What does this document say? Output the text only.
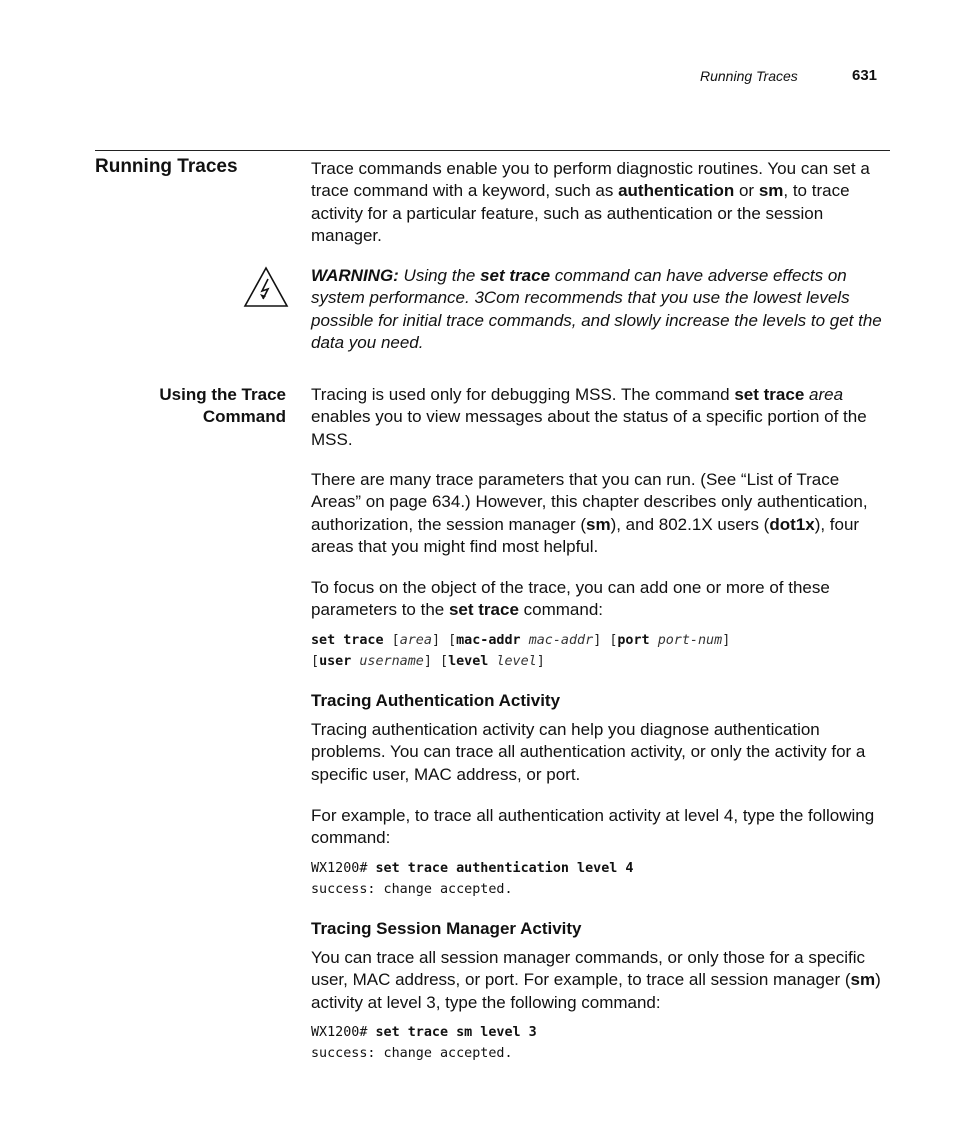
Running Traces	631
Running Traces	Trace commands enable you to perform diagnostic routines. You can set a trace command with a keyword, such as authentication or sm, to trace activity for a particular feature, such as authentication or the session manager.

WARNING: Using the set trace command can have adverse effects on system performance. 3Com recommends that you use the lowest levels possible for initial trace commands, and slowly increase the levels to get the data you need.

Using the Trace
Command

Tracing is used only for debugging MSS. The command set trace area enables you to view messages about the status of a specific portion of the MSS.

There are many trace parameters that you can run. (See “List of Trace Areas” on page 634.) However, this chapter describes only authentication, authorization, the session manager (sm), and 802.1X users (dot1x), four areas that you might find most helpful.

To focus on the object of the trace, you can add one or more of these parameters to the set trace command:

set trace [area] [mac-addr mac-addr] [port port-num]
[user username] [level level]
Tracing Authentication Activity
Tracing authentication activity can help you diagnose authentication problems. You can trace all authentication activity, or only the activity for a specific user, MAC address, or port.
For example, to trace all authentication activity at level 4, type the following command:
WX1200# set trace authentication level 4
success: change accepted.
Tracing Session Manager Activity

You can trace all session manager commands, or only those for a specific user, MAC address, or port. For example, to trace all session manager (sm) activity at level 3, type the following command:

WX1200# set trace sm level 3
success: change accepted.
